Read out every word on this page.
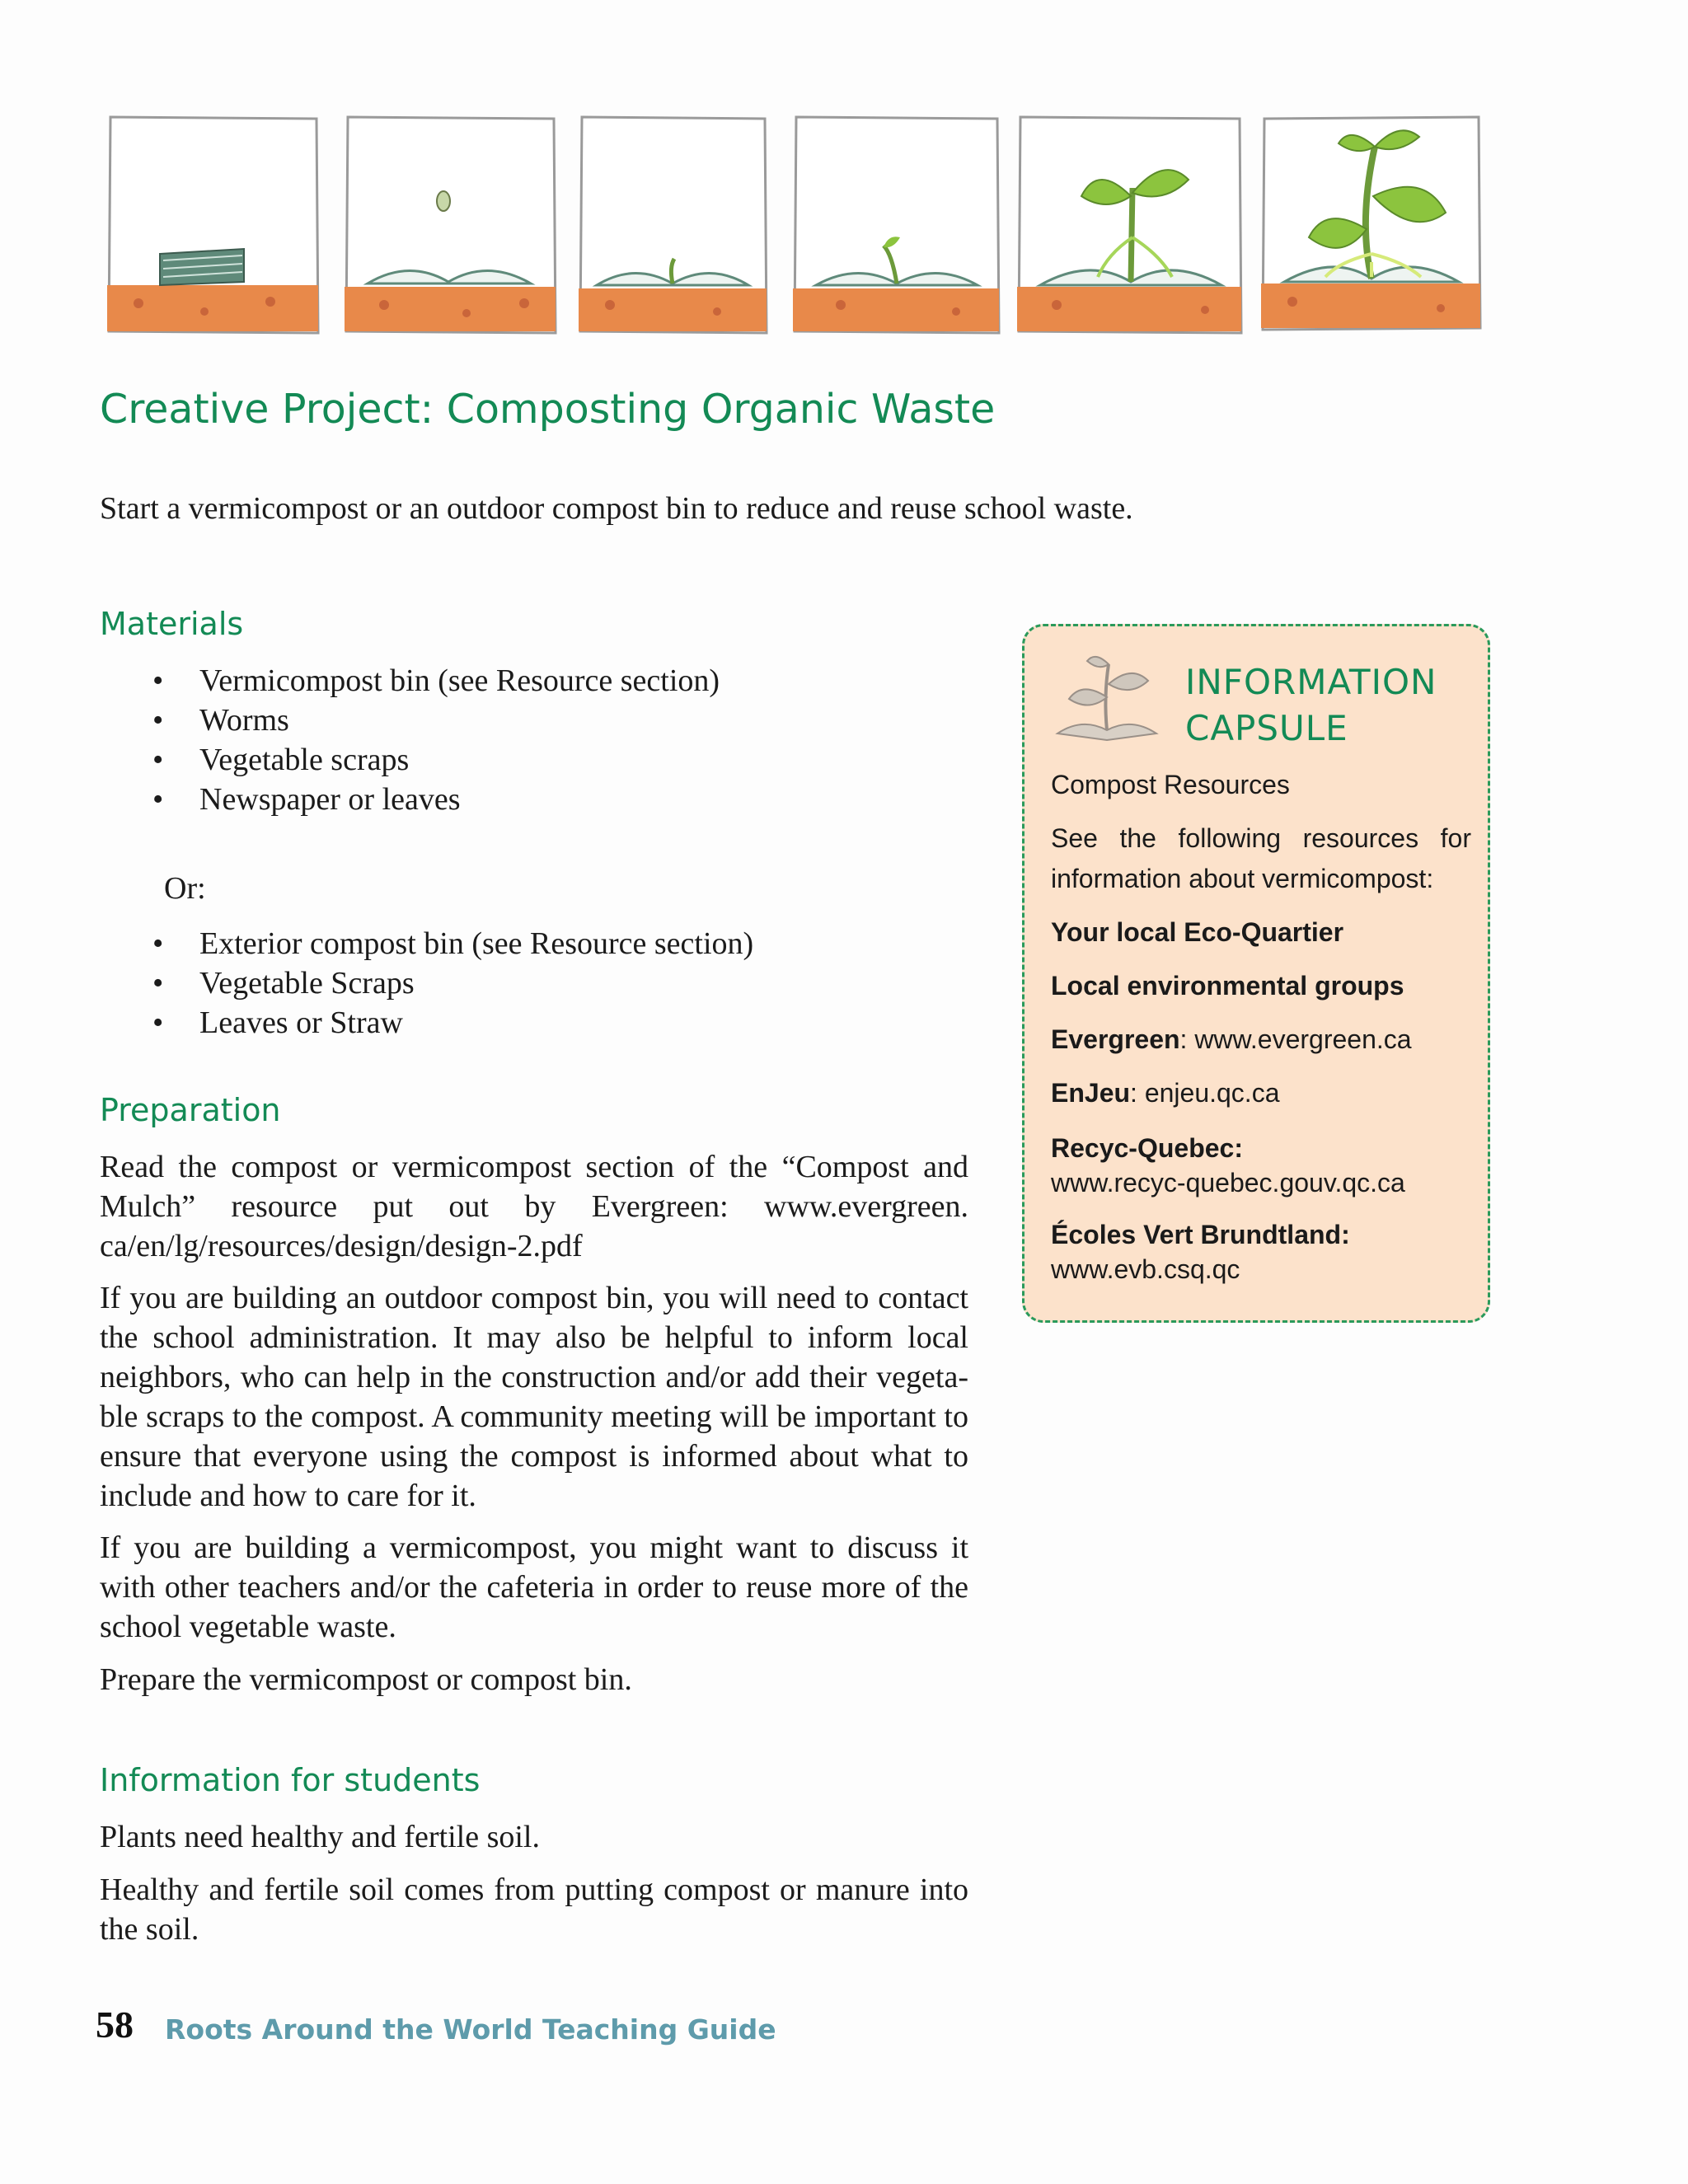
Creative Project: Composting Organic Waste
Start a vermicompost or an outdoor compost bin to reduce and reuse school waste.
Materials
• Vermicompost bin (see Resource section)
• Worms
• Vegetable scraps
• Newspaper or leaves
Or:
• Exterior compost bin (see Resource section)
• Vegetable Scraps
• Leaves or Straw
Preparation
Read the compost or vermicompost section of the “Compost and Mulch” resource put out by Evergreen: www.evergreen. ca/en/lg/resources/design/design-2.pdf
If you are building an outdoor compost bin, you will need to contact the school administration. It may also be helpful to inform local neighbors, who can help in the construction and/or add their vegeta- ble scraps to the compost. A community meeting will be important to ensure that everyone using the compost is informed about what to include and how to care for it.
If you are building a vermicompost, you might want to discuss it with other teachers and/or the cafeteria in order to reuse more of the school vegetable waste.
Prepare the vermicompost or compost bin.
Information for students
Plants need healthy and fertile soil.
Healthy and fertile soil comes from putting compost or manure into the soil.
INFORMATION
CAPSULE
Compost Resources
See the following resources for information about vermicompost:
Your local Eco-Quartier
Local environmental groups
Evergreen: www.evergreen.ca
EnJeu: enjeu.qc.ca
Recyc-Quebec:
www.recyc-quebec.gouv.qc.ca
Écoles Vert Brundtland:
www.evb.csq.qc
58 Roots Around the World Teaching Guide
